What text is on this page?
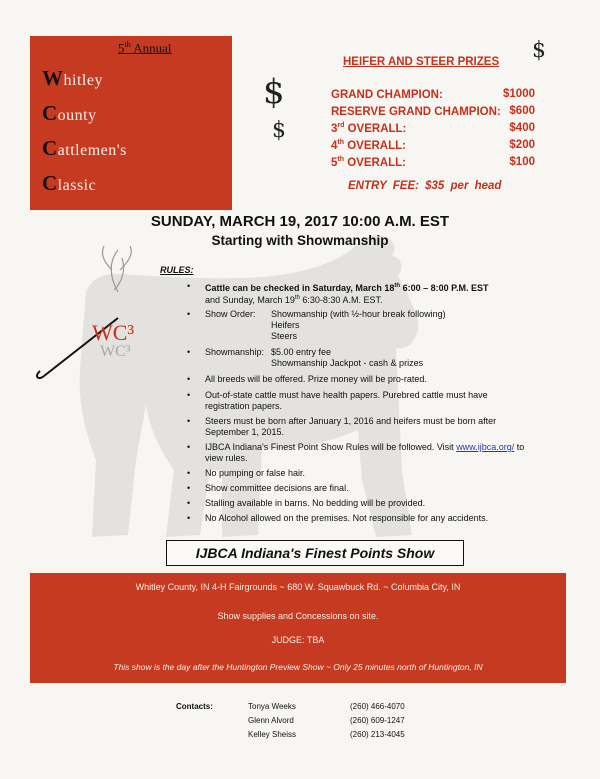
WC³
WC³
5th Annual
Whitley
County
Cattlemen's
Classic
$
$
$
HEIFER AND STEER PRIZES
GRAND CHAMPION:	$1000
RESERVE GRAND CHAMPION: $600
3rd OVERALL:	$400
4th OVERALL:	$200
5th OVERALL:	$100
ENTRY FEE: $35 per head
SUNDAY, MARCH 19, 2017 10:00 A.M. EST
Starting with Showmanship
RULES:
• Cattle can be checked in Saturday, March 18th 6:00 – 8:00 P.M. EST
and Sunday, March 19th 6:30-8:30 A.M. EST.
• Show Order: Showmanship (with ½-hour break following)
Heifers
Steers
• Showmanship: $5.00 entry fee
Showmanship Jackpot - cash & prizes
• All breeds will be offered. Prize money will be pro-rated.
• Out-of-state cattle must have health papers. Purebred cattle must have
registration papers.
• Steers must be born after January 1, 2016 and heifers must be born after
September 1, 2015.
• IJBCA Indiana's Finest Point Show Rules will be followed. Visit www.ijbca.org/ to
view rules.
• No pumping or false hair.
• Show committee decisions are final.
• Stalling available in barns. No bedding will be provided.
• No Alcohol allowed on the premises. Not responsible for any accidents.
IJBCA Indiana's Finest Points Show
Whitley County, IN 4-H Fairgrounds ~ 680 W. Squawbuck Rd. ~ Columbia City, IN
Show supplies and Concessions on site.
JUDGE: TBA
This show is the day after the Huntington Preview Show ~ Only 25 minutes north of Huntington, IN
Contacts:	Tonya Weeks	(260) 466-4070
Glenn Alvord	(260) 609-1247
Kelley Sheiss	(260) 213-4045
